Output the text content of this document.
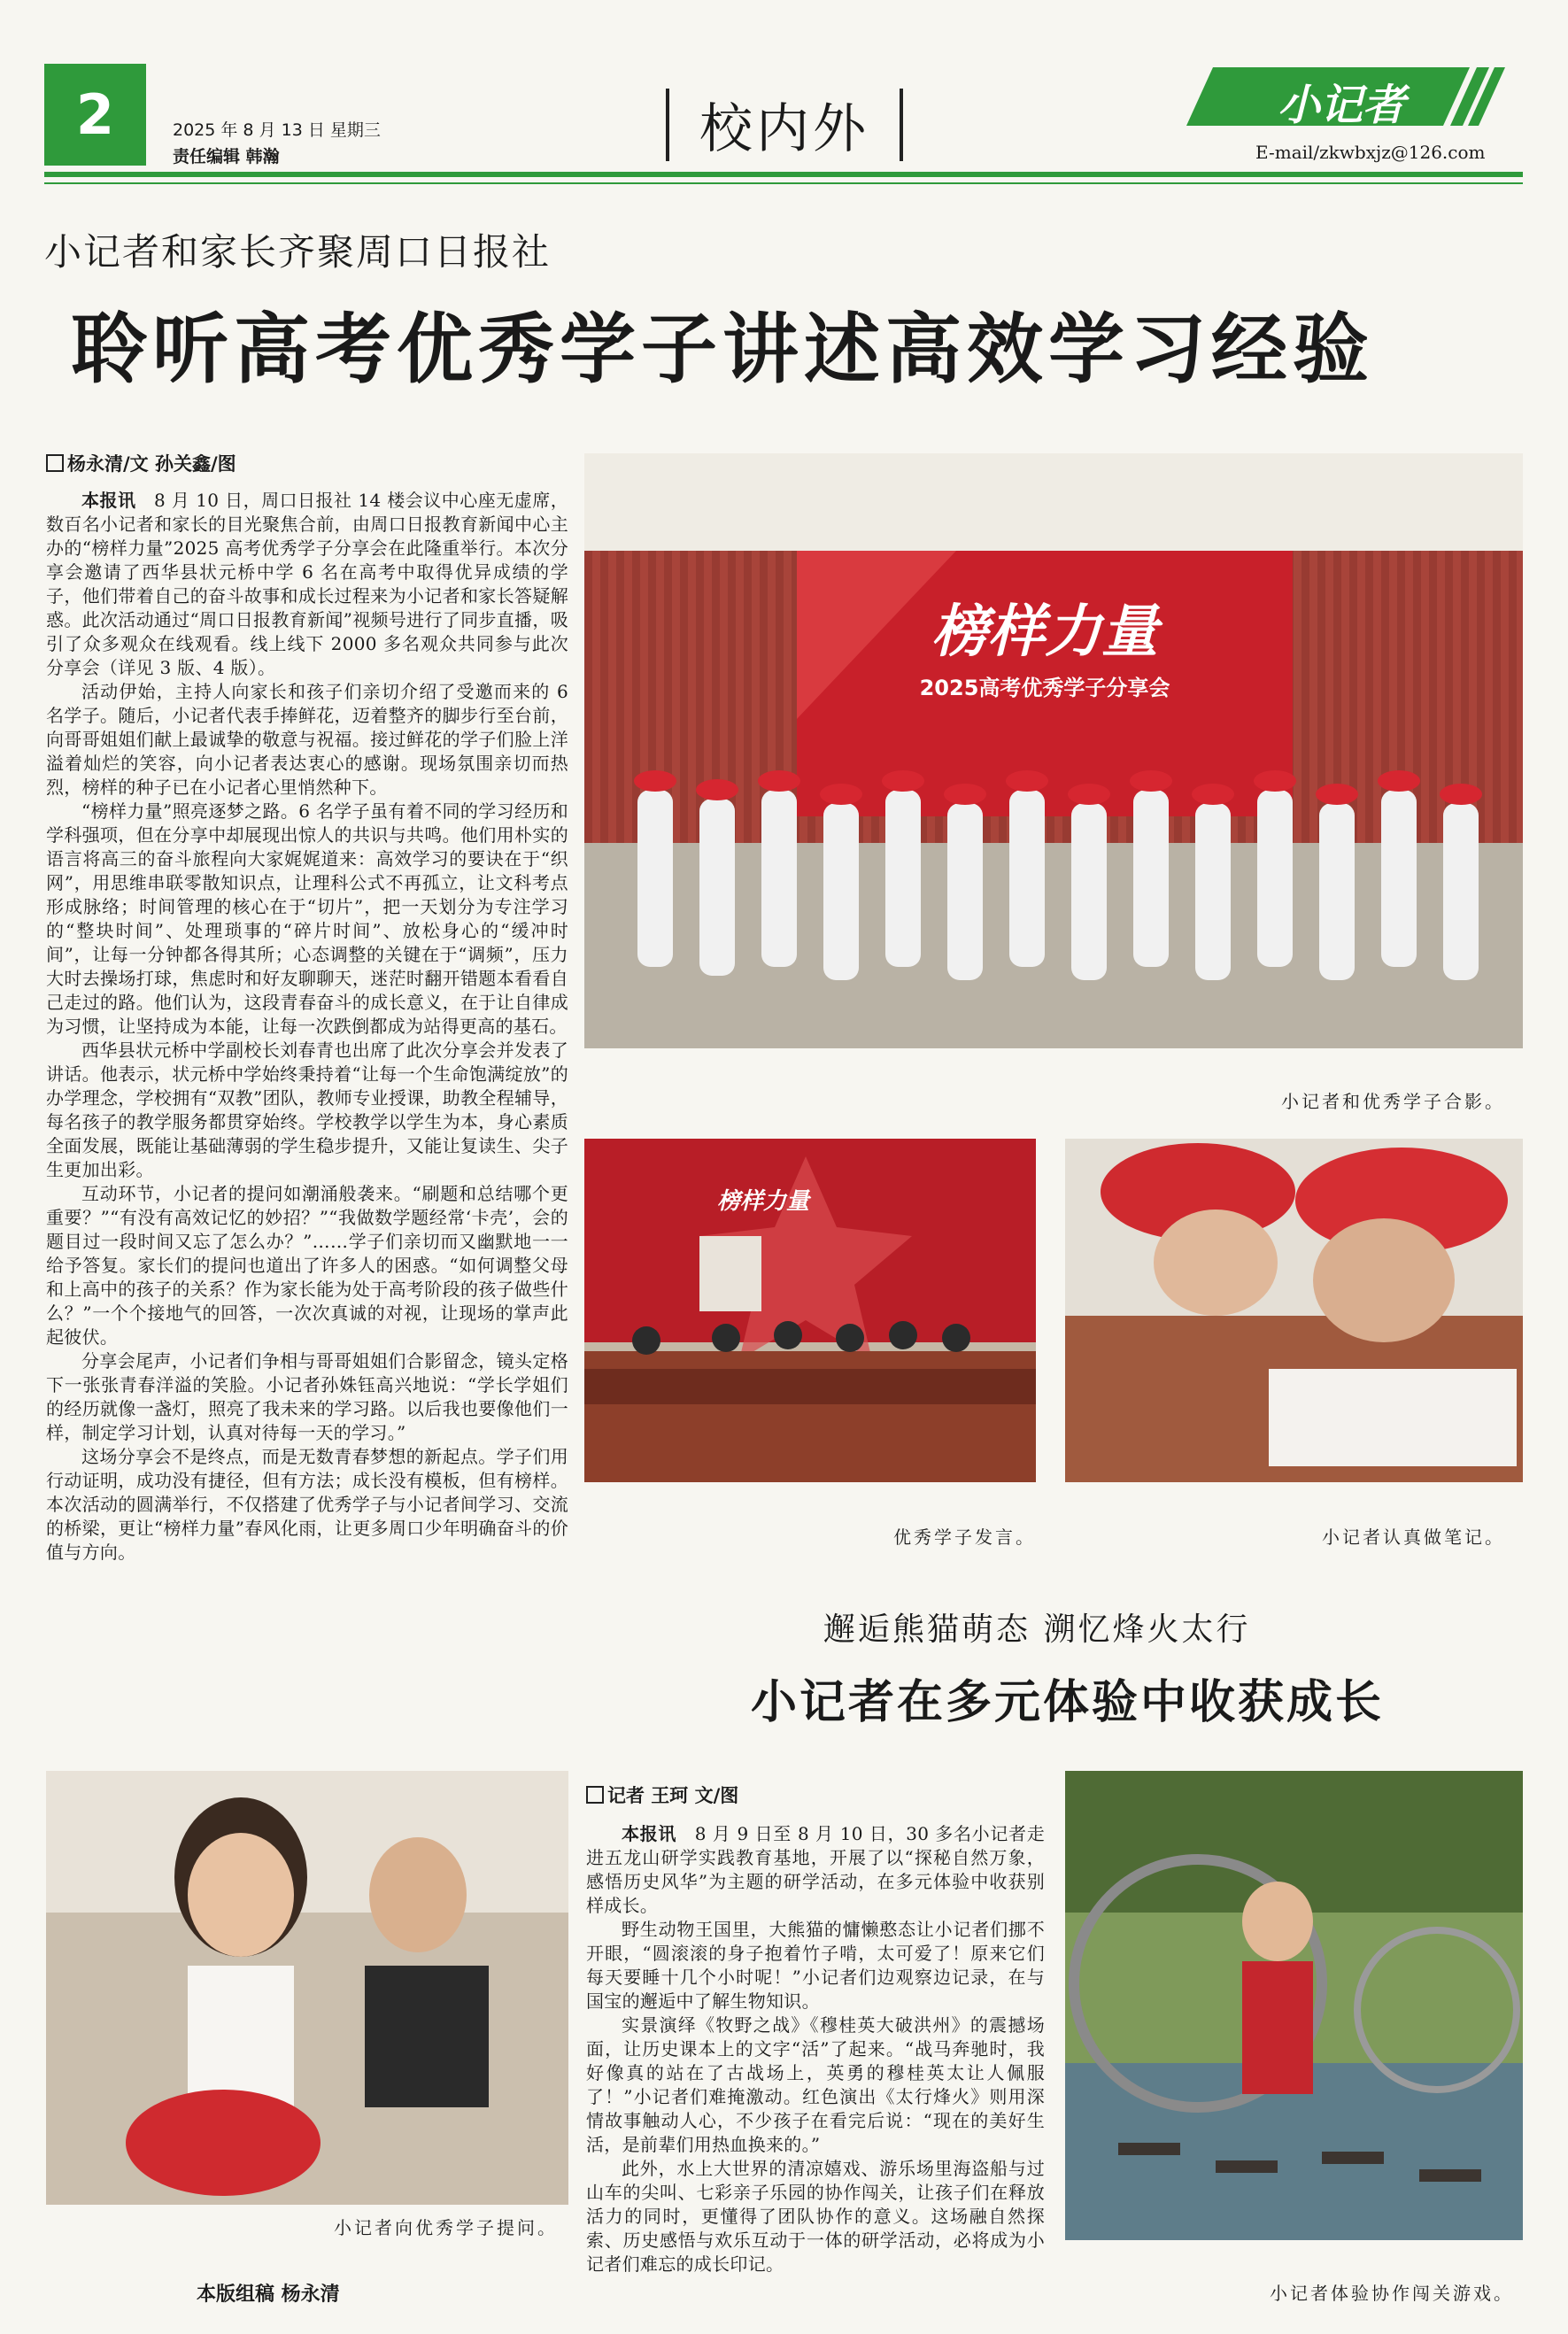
2	2025 年 8 月 13 日 星期三
责任编辑 韩瀚	校内外	小记者
E-mail/zkwbxjz@126.com
小记者和家长齐聚周口日报社
聆听高考优秀学子讲述高效学习经验
杨永清/文 孙关鑫/图

本报讯　 8 月 10 日，周口日报社 14 楼会议中心座无虚席，数百名小记者和家长的目光聚焦合前，由周口日报教育新闻中心主办的“榜样力量”2025 高考优秀学子分享会在此隆重举行。本次分享会邀请了西华县状元桥中学 6 名在高考中取得优异成绩的学子，他们带着自己的奋斗故事和成长过程来为小记者和家长答疑解惑。此次活动通过“周口日报教育新闻”视频号进行了同步直播，吸引了众多观众在线观看。线上线下 2000 多名观众共同参与此次分享会（详见 3 版、4 版）。

活动伊始，主持人向家长和孩子们亲切介绍了受邀而来的 6 名学子。随后，小记者代表手捧鲜花，迈着整齐的脚步行至台前，向哥哥姐姐们献上最诚挚的敬意与祝福。接过鲜花的学子们脸上洋溢着灿烂的笑容，向小记者表达衷心的感谢。现场氛围亲切而热烈，榜样的种子已在小记者心里悄然种下。

“榜样力量”照亮逐梦之路。6 名学子虽有着不同的学习经历和学科强项，但在分享中却展现出惊人的共识与共鸣。他们用朴实的语言将高三的奋斗旅程向大家娓娓道来：高效学习的要诀在于“织网”，用思维串联零散知识点，让理科公式不再孤立，让文科考点形成脉络；时间管理的核心在于“切片”，把一天划分为专注学习的“整块时间”、处理琐事的“碎片时间”、放松身心的“缓冲时间”，让每一分钟都各得其所；心态调整的关键在于“调频”，压力大时去操场打球，焦虑时和好友聊聊天，迷茫时翻开错题本看看自己走过的路。他们认为，这段青春奋斗的成长意义，在于让自律成为习惯，让坚持成为本能，让每一次跌倒都成为站得更高的基石。

西华县状元桥中学副校长刘春青也出席了此次分享会并发表了讲话。他表示，状元桥中学始终秉持着“让每一个生命饱满绽放”的办学理念，学校拥有“双教”团队，教师专业授课，助教全程辅导，每名孩子的教学服务都贯穿始终。学校教学以学生为本，身心素质全面发展，既能让基础薄弱的学生稳步提升，又能让复读生、尖子生更加出彩。

互动环节，小记者的提问如潮涌般袭来。“刷题和总结哪个更重要？”“有没有高效记忆的妙招？”“我做数学题经常‘卡壳’，会的题目过一段时间又忘了怎么办？”……学子们亲切而又幽默地一一给予答复。家长们的提问也道出了许多人的困惑。“如何调整父母和上高中的孩子的关系？作为家长能为处于高考阶段的孩子做些什么？”一个个接地气的回答，一次次真诚的对视，让现场的掌声此起彼伏。

分享会尾声，小记者们争相与哥哥姐姐们合影留念，镜头定格下一张张青春洋溢的笑脸。小记者孙姝钰高兴地说：“学长学姐们的经历就像一盏灯，照亮了我未来的学习路。以后我也要像他们一样，制定学习计划，认真对待每一天的学习。”

这场分享会不是终点，而是无数青春梦想的新起点。学子们用行动证明，成功没有捷径，但有方法；成长没有模板，但有榜样。本次活动的圆满举行，不仅搭建了优秀学子与小记者间学习、交流的桥梁，更让“榜样力量”春风化雨，让更多周口少年明确奋斗的价值与方向。

榜样力量
2025高考优秀学子分享会
小记者和优秀学子合影。
榜样力量
优秀学子发言。	小记者认真做笔记。
邂逅熊猫萌态 溯忆烽火太行
小记者在多元体验中收获成长
小记者向优秀学子提问。
记者 王珂 文/图

本报讯　 8 月 9 日至 8 月 10 日，30 多名小记者走进五龙山研学实践教育基地，开展了以“探秘自然万象，感悟历史风华”为主题的研学活动，在多元体验中收获别样成长。

野生动物王国里，大熊猫的慵懒憨态让小记者们挪不开眼，“圆滚滚的身子抱着竹子啃，太可爱了！原来它们每天要睡十几个小时呢！”小记者们边观察边记录，在与国宝的邂逅中了解生物知识。

实景演绎《牧野之战》《穆桂英大破洪州》的震撼场面，让历史课本上的文字“活”了起来。“战马奔驰时，我好像真的站在了古战场上，英勇的穆桂英太让人佩服了！”小记者们难掩激动。红色演出《太行烽火》则用深情故事触动人心，不少孩子在看完后说：“现在的美好生活，是前辈们用热血换来的。”

此外，水上大世界的清凉嬉戏、游乐场里海盗船与过山车的尖叫、七彩亲子乐园的协作闯关，让孩子们在释放活力的同时，更懂得了团队协作的意义。这场融自然探索、历史感悟与欢乐互动于一体的研学活动，必将成为小记者们难忘的成长印记。

小记者体验协作闯关游戏。
本版组稿 杨永清
